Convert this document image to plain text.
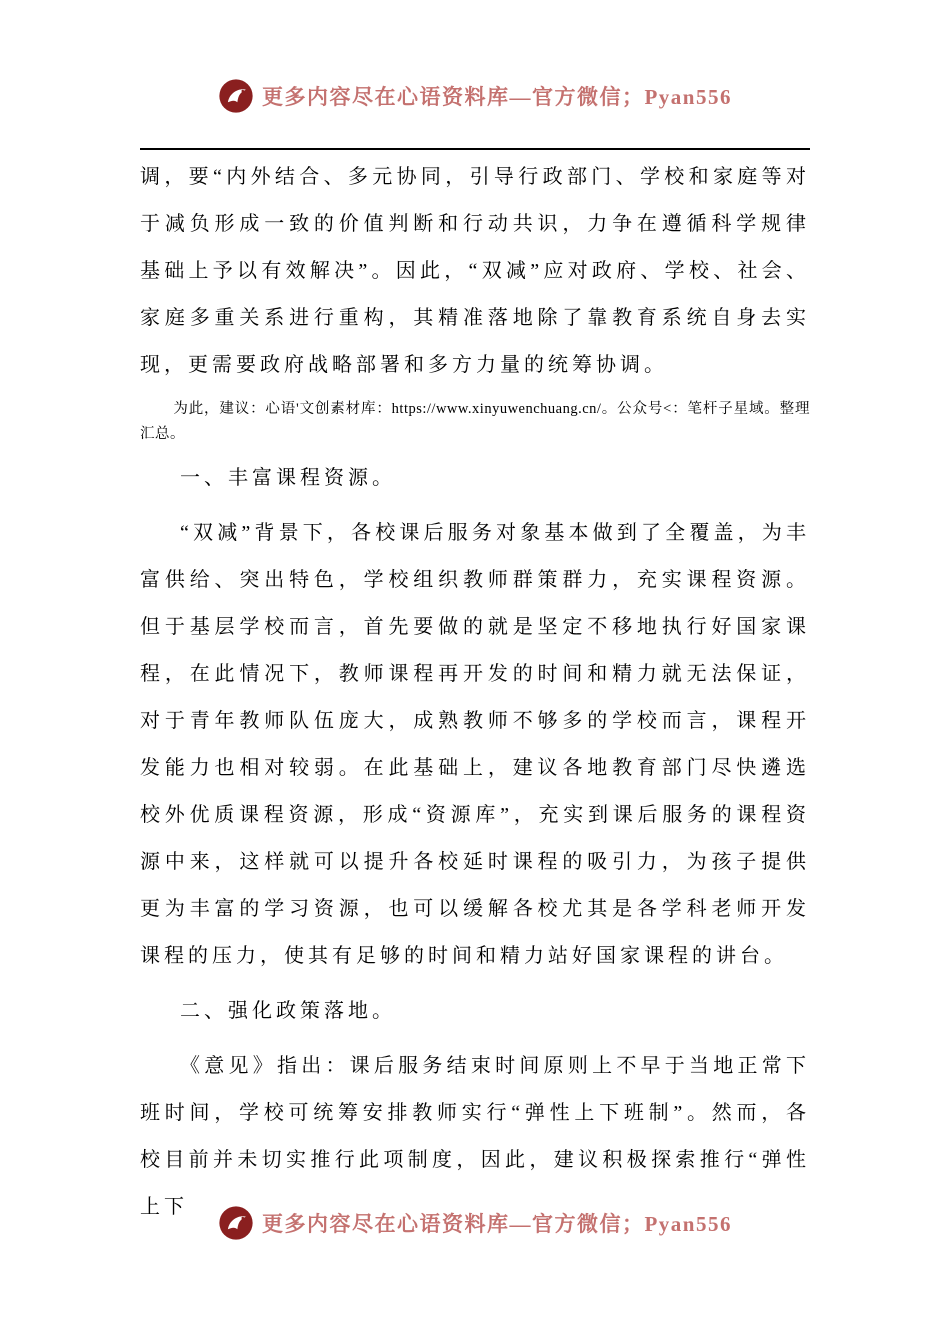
更多内容尽在心语资料库—官方微信；Pyan556

调，要“内外结合、多元协同，引导行政部门、学校和家庭等对于减负形成一致的价值判断和行动共识，力争在遵循科学规律基础上予以有效解决”。因此，“双减”应对政府、学校、社会、家庭多重关系进行重构，其精准落地除了靠教育系统自身去实现，更需要政府战略部署和多方力量的统筹协调。

为此，建议：心语'文创素材库：https://www.xinyuwenchuang.cn/。公众号<：笔杆子星域。整理汇总。

一、丰富课程资源。

“双减”背景下，各校课后服务对象基本做到了全覆盖，为丰富供给、突出特色，学校组织教师群策群力，充实课程资源。但于基层学校而言，首先要做的就是坚定不移地执行好国家课程，在此情况下，教师课程再开发的时间和精力就无法保证，对于青年教师队伍庞大，成熟教师不够多的学校而言，课程开发能力也相对较弱。在此基础上，建议各地教育部门尽快遴选校外优质课程资源，形成“资源库”，充实到课后服务的课程资源中来，这样就可以提升各校延时课程的吸引力，为孩子提供更为丰富的学习资源，也可以缓解各校尤其是各学科老师开发课程的压力，使其有足够的时间和精力站好国家课程的讲台。

二、强化政策落地。

《意见》指出：课后服务结束时间原则上不早于当地正常下班时间，学校可统筹安排教师实行“弹性上下班制”。然而，各校目前并未切实推行此项制度，因此，建议积极探索推行“弹性上下

更多内容尽在心语资料库—官方微信；Pyan556
